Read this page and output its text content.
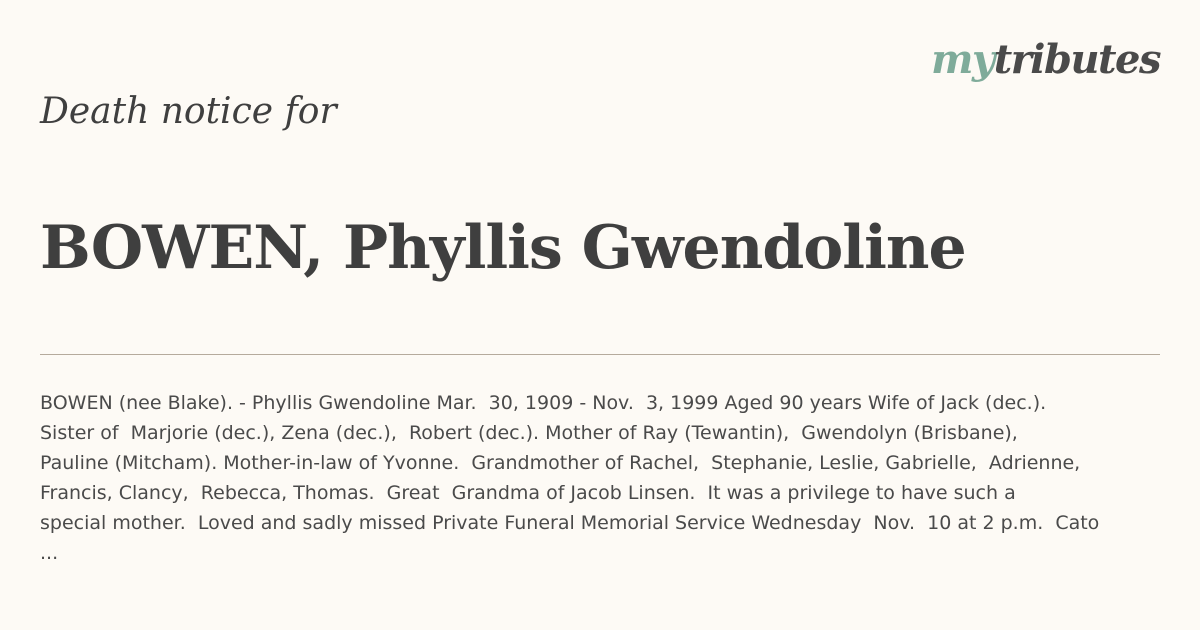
mytributes
Death notice for
BOWEN, Phyllis Gwendoline
BOWEN (nee Blake). - Phyllis Gwendoline Mar.  30, 1909 - Nov.  3, 1999 Aged 90 years Wife of Jack (dec.).
Sister of  Marjorie (dec.), Zena (dec.),  Robert (dec.). Mother of Ray (Tewantin),  Gwendolyn (Brisbane),
Pauline (Mitcham). Mother-in-law of Yvonne.  Grandmother of Rachel,  Stephanie, Leslie, Gabrielle,  Adrienne,
Francis, Clancy,  Rebecca, Thomas.  Great  Grandma of Jacob Linsen.  It was a privilege to have such a
special mother.  Loved and sadly missed Private Funeral Memorial Service Wednesday  Nov.  10 at 2 p.m.  Cato
...
